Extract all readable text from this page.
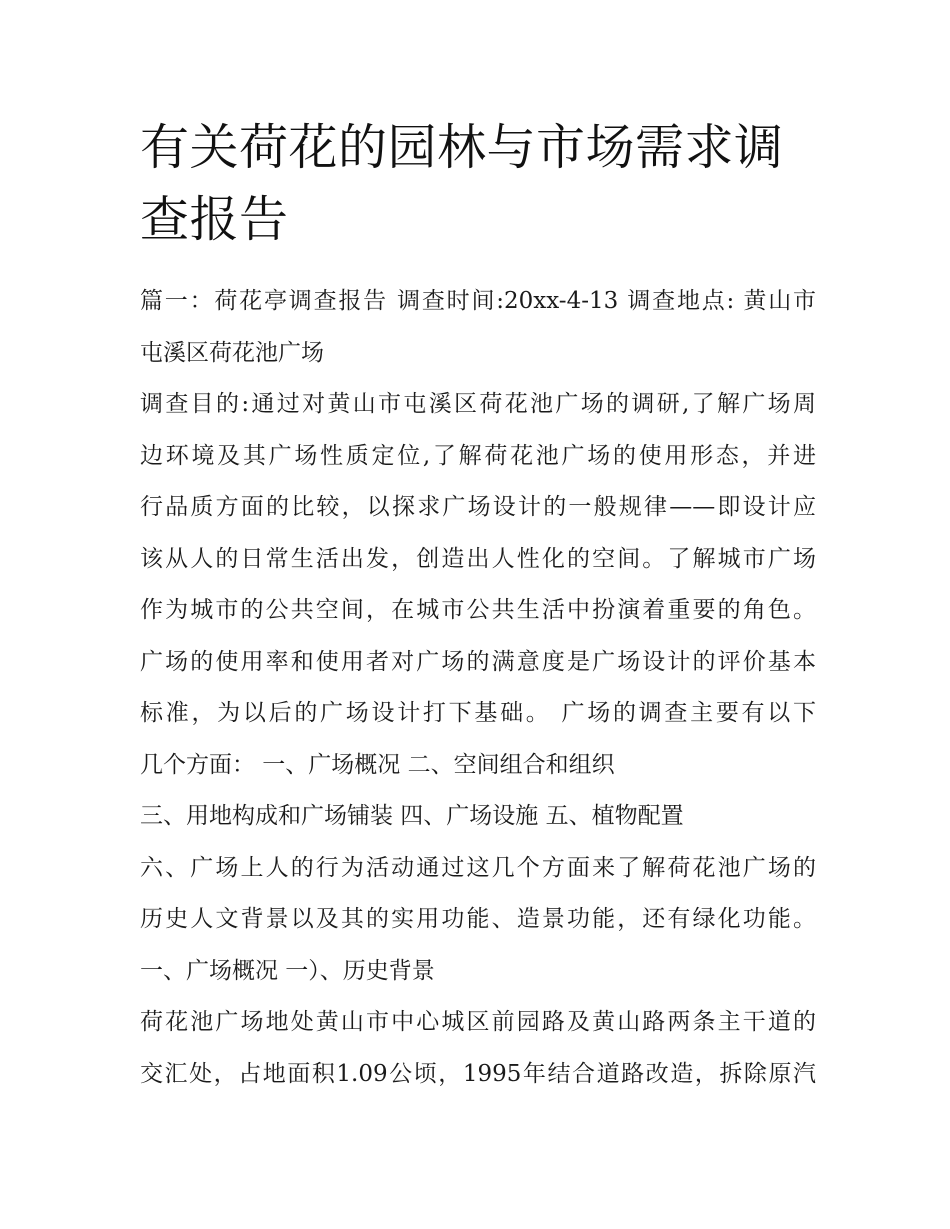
有关荷花的园林与市场需求调查报告
篇一：荷花亭调查报告 调查时间:20xx-4-13 调查地点: 黄山市
屯溪区荷花池广场
调查目的:通过对黄山市屯溪区荷花池广场的调研,了解广场周
边环境及其广场性质定位,了解荷花池广场的使用形态，并进
行品质方面的比较，以探求广场设计的一般规律——即设计应
该从人的日常生活出发，创造出人性化的空间。了解城市广场
作为城市的公共空间，在城市公共生活中扮演着重要的角色。
广场的使用率和使用者对广场的满意度是广场设计的评价基本
标准，为以后的广场设计打下基础。 广场的调查主要有以下
几个方面： 一、广场概况 二、空间组合和组织
三、用地构成和广场铺装 四、广场设施 五、植物配置
六、广场上人的行为活动通过这几个方面来了解荷花池广场的
历史人文背景以及其的实用功能、造景功能，还有绿化功能。
一、广场概况 一）、历史背景
荷花池广场地处黄山市中心城区前园路及黄山路两条主干道的
交汇处，占地面积1.09公顷，1995年结合道路改造，拆除原汽
